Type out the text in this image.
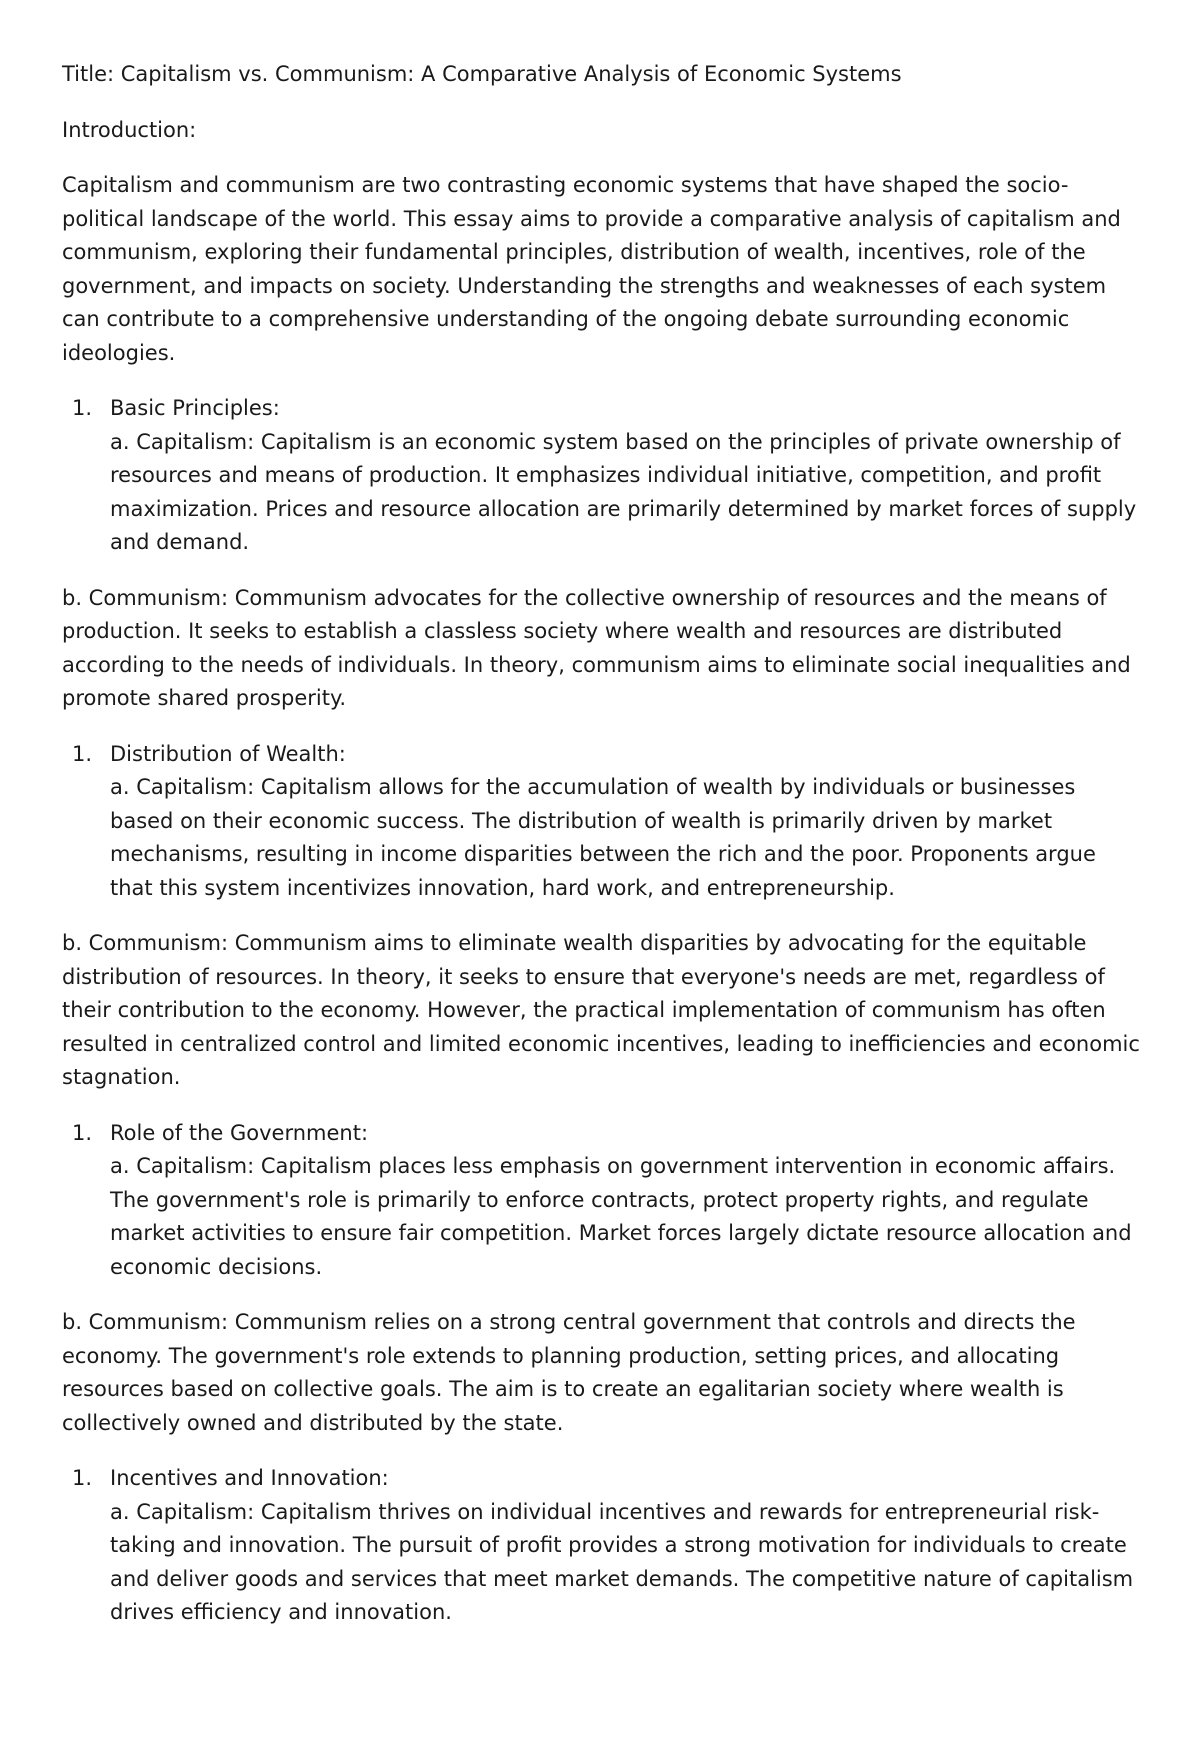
Title: Capitalism vs. Communism: A Comparative Analysis of Economic Systems

Introduction:

Capitalism and communism are two contrasting economic systems that have shaped the socio-political landscape of the world. This essay aims to provide a comparative analysis of capitalism and communism, exploring their fundamental principles, distribution of wealth, incentives, role of the government, and impacts on society. Understanding the strengths and weaknesses of each system can contribute to a comprehensive understanding of the ongoing debate surrounding economic ideologies.

1. Basic Principles:

a. Capitalism: Capitalism is an economic system based on the principles of private ownership of resources and means of production. It emphasizes individual initiative, competition, and profit maximization. Prices and resource allocation are primarily determined by market forces of supply and demand.

b. Communism: Communism advocates for the collective ownership of resources and the means of production. It seeks to establish a classless society where wealth and resources are distributed according to the needs of individuals. In theory, communism aims to eliminate social inequalities and promote shared prosperity.

1. Distribution of Wealth:

a. Capitalism: Capitalism allows for the accumulation of wealth by individuals or businesses based on their economic success. The distribution of wealth is primarily driven by market mechanisms, resulting in income disparities between the rich and the poor. Proponents argue that this system incentivizes innovation, hard work, and entrepreneurship.

b. Communism: Communism aims to eliminate wealth disparities by advocating for the equitable distribution of resources. In theory, it seeks to ensure that everyone's needs are met, regardless of their contribution to the economy. However, the practical implementation of communism has often resulted in centralized control and limited economic incentives, leading to inefficiencies and economic stagnation.

1. Role of the Government:

a. Capitalism: Capitalism places less emphasis on government intervention in economic affairs. The government's role is primarily to enforce contracts, protect property rights, and regulate market activities to ensure fair competition. Market forces largely dictate resource allocation and economic decisions.

b. Communism: Communism relies on a strong central government that controls and directs the economy. The government's role extends to planning production, setting prices, and allocating resources based on collective goals. The aim is to create an egalitarian society where wealth is collectively owned and distributed by the state.

1. Incentives and Innovation:

a. Capitalism: Capitalism thrives on individual incentives and rewards for entrepreneurial risk-taking and innovation. The pursuit of profit provides a strong motivation for individuals to create and deliver goods and services that meet market demands. The competitive nature of capitalism drives efficiency and innovation.
